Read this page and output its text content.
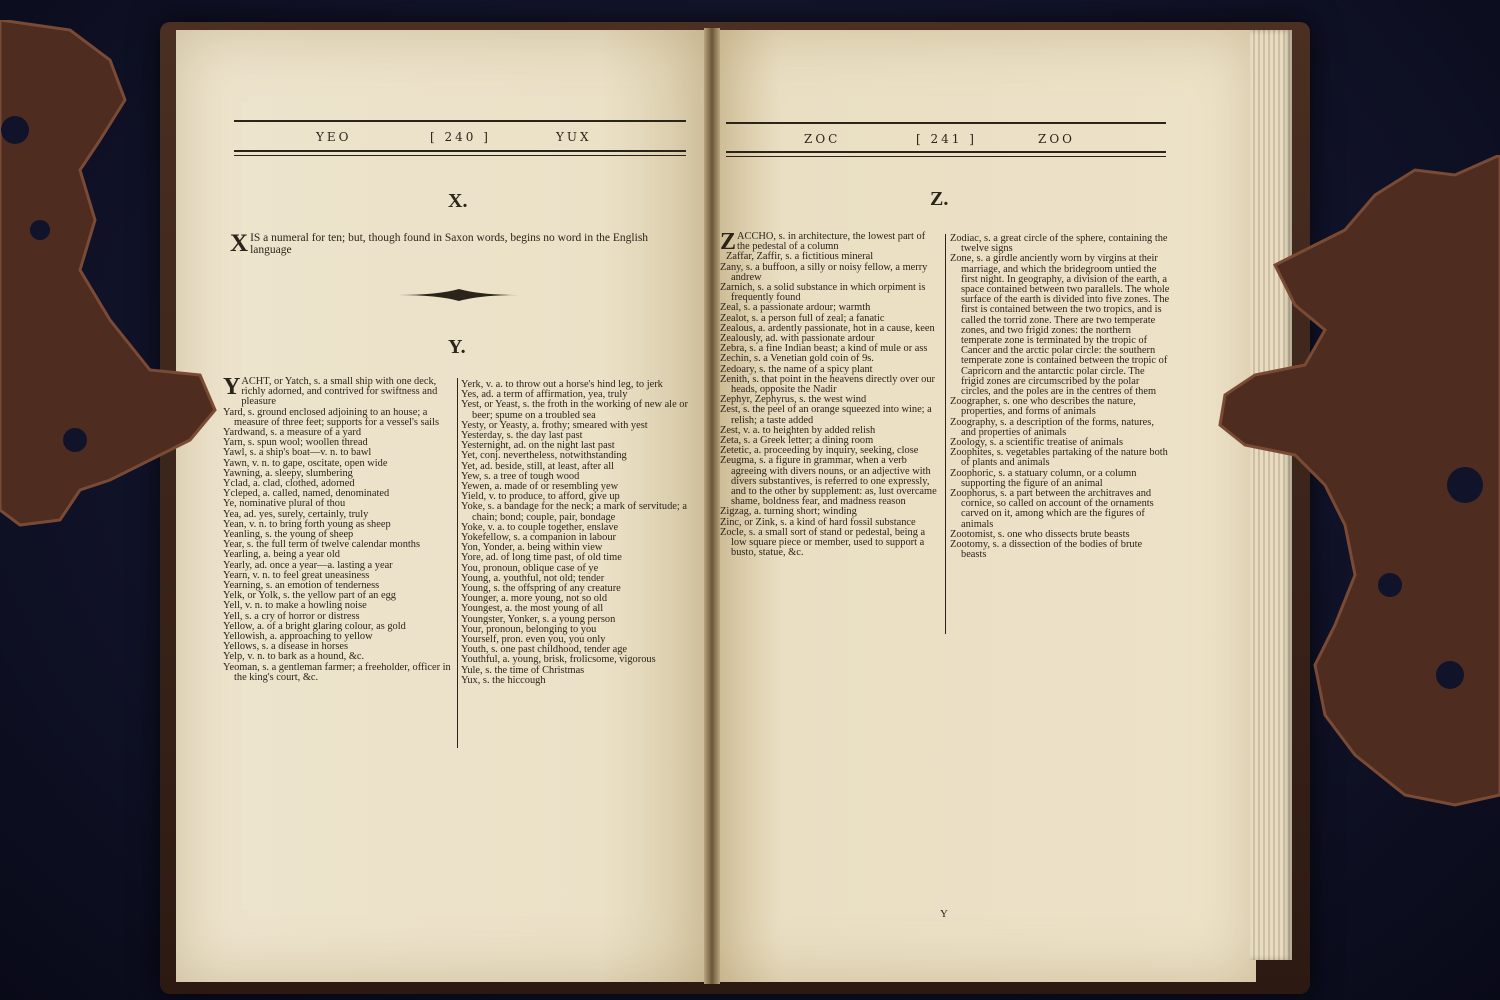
YEO	[ 240 ]	YUX
X.
XIS a numeral for ten; but, though found in Saxon words, begins no word in the English language
Y.

YACHT, or Yatch, s. a small ship with one deck, richly adorned, and contrived for swiftness and pleasure

Yard, s. ground enclosed adjoining to an house; a measure of three feet; supports for a vessel's sails

Yardwand, s. a measure of a yard

Yarn, s. spun wool; woollen thread

Yawl, s. a ship's boat—v. n. to bawl

Yawn, v. n. to gape, oscitate, open wide

Yawning, a. sleepy, slumbering

Yclad, a. clad, clothed, adorned

Ycleped, a. called, named, denominated

Ye, nominative plural of thou

Yea, ad. yes, surely, certainly, truly

Yean, v. n. to bring forth young as sheep

Yeanling, s. the young of sheep

Year, s. the full term of twelve calendar months

Yearling, a. being a year old

Yearly, ad. once a year—a. lasting a year

Yearn, v. n. to feel great uneasiness

Yearning, s. an emotion of tenderness

Yelk, or Yolk, s. the yellow part of an egg

Yell, v. n. to make a howling noise

Yell, s. a cry of horror or distress

Yellow, a. of a bright glaring colour, as gold

Yellowish, a. approaching to yellow

Yellows, s. a disease in horses

Yelp, v. n. to bark as a hound, &c.

Yeoman, s. a gentleman farmer; a freeholder, officer in the king's court, &c.

Yerk, v. a. to throw out a horse's hind leg, to jerk

Yes, ad. a term of affirmation, yea, truly

Yest, or Yeast, s. the froth in the working of new ale or beer; spume on a troubled sea

Yesty, or Yeasty, a. frothy; smeared with yest

Yesterday, s. the day last past

Yesternight, ad. on the night last past

Yet, conj. nevertheless, notwithstanding

Yet, ad. beside, still, at least, after all

Yew, s. a tree of tough wood

Yewen, a. made of or resembling yew

Yield, v. to produce, to afford, give up

Yoke, s. a bandage for the neck; a mark of servitude; a chain; bond; couple, pair, bondage

Yoke, v. a. to couple together, enslave

Yokefellow, s. a companion in labour

Yon, Yonder, a. being within view

Yore, ad. of long time past, of old time

You, pronoun, oblique case of ye

Young, a. youthful, not old; tender

Young, s. the offspring of any creature

Younger, a. more young, not so old

Youngest, a. the most young of all

Youngster, Yonker, s. a young person

Your, pronoun, belonging to you

Yourself, pron. even you, you only

Youth, s. one past childhood, tender age

Youthful, a. young, brisk, frolicsome, vigorous

Yule, s. the time of Christmas

Yux, s. the hiccough

ZOC	[ 241 ]	ZOO
Z.

ZACCHO, s. in architecture, the lowest part of the pedestal of a column

Zaffar, Zaffir, s. a fictitious mineral

Zany, s. a buffoon, a silly or noisy fellow, a merry andrew

Zarnich, s. a solid substance in which orpiment is frequently found

Zeal, s. a passionate ardour; warmth

Zealot, s. a person full of zeal; a fanatic

Zealous, a. ardently passionate, hot in a cause, keen

Zealously, ad. with passionate ardour

Zebra, s. a fine Indian beast; a kind of mule or ass

Zechin, s. a Venetian gold coin of 9s.

Zedoary, s. the name of a spicy plant

Zenith, s. that point in the heavens directly over our heads, opposite the Nadir

Zephyr, Zephyrus, s. the west wind

Zest, s. the peel of an orange squeezed into wine; a relish; a taste added

Zest, v. a. to heighten by added relish

Zeta, s. a Greek letter; a dining room

Zetetic, a. proceeding by inquiry, seeking, close

Zeugma, s. a figure in grammar, when a verb agreeing with divers nouns, or an adjective with divers substantives, is referred to one expressly, and to the other by supplement: as, lust overcame shame, boldness fear, and madness reason

Zigzag, a. turning short; winding

Zinc, or Zink, s. a kind of hard fossil substance

Zocle, s. a small sort of stand or pedestal, being a low square piece or member, used to support a busto, statue, &c.

Zodiac, s. a great circle of the sphere, containing the twelve signs

Zone, s. a girdle anciently worn by virgins at their marriage, and which the bridegroom untied the first night. In geography, a division of the earth, a space contained between two parallels. The whole surface of the earth is divided into five zones. The first is contained between the two tropics, and is called the torrid zone. There are two temperate zones, and two frigid zones: the northern temperate zone is terminated by the tropic of Cancer and the arctic polar circle: the southern temperate zone is contained between the tropic of Capricorn and the antarctic polar circle. The frigid zones are circumscribed by the polar circles, and the poles are in the centres of them

Zoographer, s. one who describes the nature, properties, and forms of animals

Zoography, s. a description of the forms, natures, and properties of animals

Zoology, s. a scientific treatise of animals

Zoophites, s. vegetables partaking of the nature both of plants and animals

Zoophoric, s. a statuary column, or a column supporting the figure of an animal

Zoophorus, s. a part between the architraves and cornice, so called on account of the ornaments carved on it, among which are the figures of animals

Zootomist, s. one who dissects brute beasts

Zootomy, s. a dissection of the bodies of brute beasts

Y
